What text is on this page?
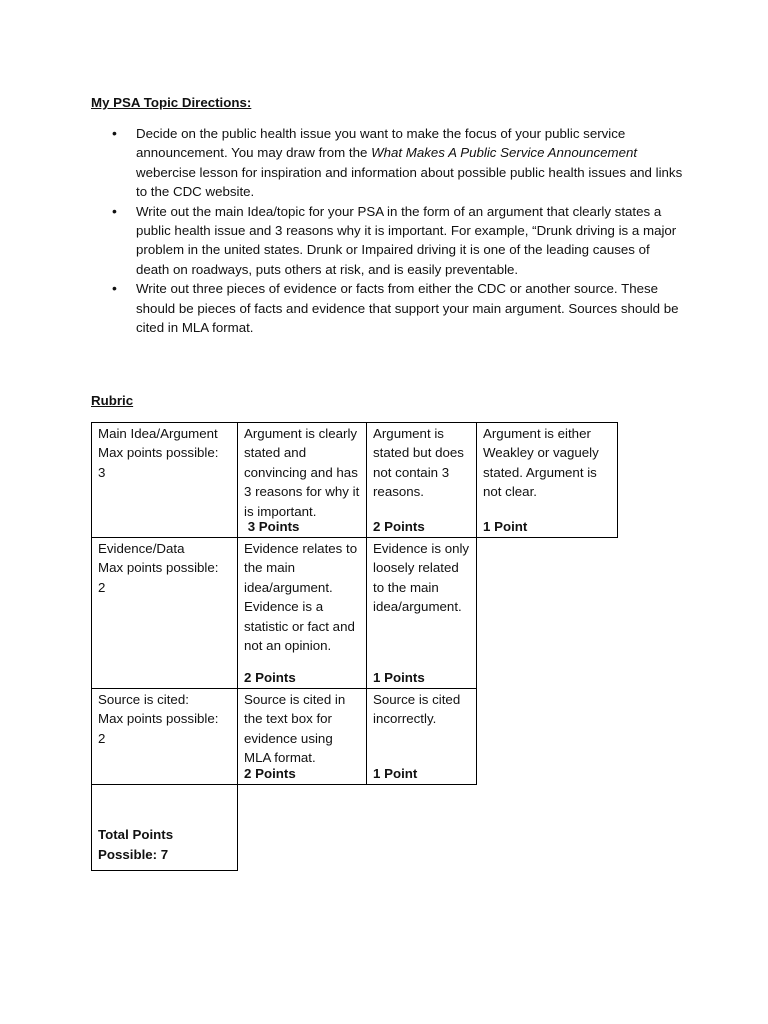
My PSA Topic Directions:
• Decide on the public health issue you want to make the focus of your public service announcement. You may draw from the What Makes A Public Service Announcement webercise lesson for inspiration and information about possible public health issues and links to the CDC website.
• Write out the main Idea/topic for your PSA in the form of an argument that clearly states a public health issue and 3 reasons why it is important. For example, “Drunk driving is a major problem in the united states. Drunk or Impaired driving it is one of the leading causes of death on roadways, puts others at risk, and is easily preventable.
• Write out three pieces of evidence or facts from either the CDC or another source. These should be pieces of facts and evidence that support your main argument. Sources should be cited in MLA format.
Rubric
Main Idea/Argument
Max points possible:
3
Argument is clearly stated and convincing and has 3 reasons for why it is important.
3 Points
Argument is stated but does not contain 3 reasons.
2 Points
Argument is either Weakley or vaguely stated. Argument is not clear.
1 Point
Evidence/Data
Max points possible:
2
Evidence relates to the main idea/argument. Evidence is a statistic or fact and not an opinion.
2 Points
Evidence is only loosely related to the main idea/argument.
1 Points
Source is cited:
Max points possible:
2
Source is cited in the text box for evidence using MLA format.
2 Points
Source is cited incorrectly.
1 Point
Total Points
Possible: 7
